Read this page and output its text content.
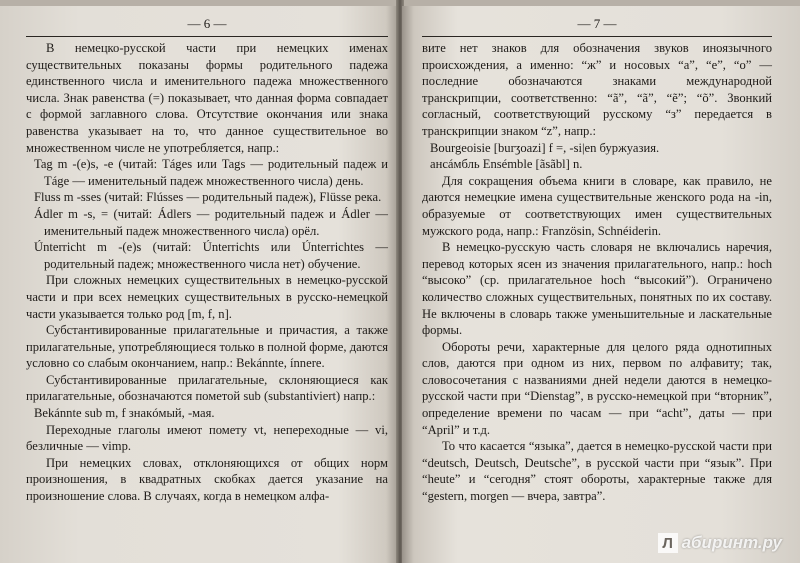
— 6 —

В немецко-русской части при немецких именах существительных показаны формы родительного падежа единственного числа и именительного падежа множественного числа. Знак равенства (=) показывает, что данная форма совпадает с формой заглавного слова. Отсутствие окончания или знака равенства указывает на то, что данное существительное во множественном числе не употребляется, напр.:

Tag m -(e)s, -e (читай: Táges или Tags — родительный падеж и Táge — именительный падеж множественного числа) день.

Fluss m -sses (читай: Flússes — родительный падеж), Flüsse река.

Ádler m -s, = (читай: Ádlers — родительный падеж и Ádler — именительный падеж множественного числа) орёл.

Únterricht m -(e)s (читай: Únterrichts или Únterrichtes — родительный падеж; множественного числа нет) обучение.

При сложных немецких существительных в немецко-русской части и при всех немецких существительных в русско-немецкой части указывается только род [m, f, n].

Субстантивированные прилагательные и причастия, а также прилагательные, употребляющиеся только в полной форме, даются условно со слабым окончанием, напр.: Bekánnte, ínnere.

Субстантивированные прилагательные, склоняющиеся как прилагательные, обозначаются пометой sub (substantiviert) напр.:

Bekánnte sub m, f знакóмый, -мая.

Переходные глаголы имеют помету vt, непереходные — vi, безличные — vimp.

При немецких словах, отклоняющихся от общих норм произношения, в квадратных скобках дается указание на произношение слова. В случаях, когда в немецком алфа-

— 7 —

вите нет знаков для обозначения звуков иноязычного происхождения, а именно: “ж” и носовых “а”, “е”, “о” — последние обозначаются знаками международной транскрипции, соответственно: “ã”, “ã”, “ẽ”; “õ”. Звонкий согласный, соответствующий русскому “з” передается в транскрипции знаком “z”, напр.:

Bourgeoisie [burʒoazi] f =, -si|en буржуазия.

ансáмбль Ensémble [ãsãbl] n.

Для сокращения объема книги в словаре, как правило, не даются немецкие имена существительные женского рода на -in, образуемые от соответствующих имен существительных мужского рода, напр.: Französin, Schnéiderin.

В немецко-русскую часть словаря не включались наречия, перевод которых ясен из значения прилагательного, напр.: hoch “высоко” (ср. прилагательное hoch “высокий”). Ограничено количество сложных существительных, понятных по их составу. Не включены в словарь также уменьшительные и ласкательные формы.

Обороты речи, характерные для целого ряда однотипных слов, даются при одном из них, первом по алфавиту; так, словосочетания с названиями дней недели даются в немецко-русской части при “Dienstag”, в русско-немецкой при “вторник”, определение времени по часам — при “acht”, даты — при “April” и т.д.

То что касается “языка”, дается в немецко-русской части при “deutsch, Deutsch, Deutsche”, в русской части при “язык”. При “heute” и “сегодня” стоят обороты, характерные также для “gestern, morgen — вчера, завтра”.

Л абиринт.ру
